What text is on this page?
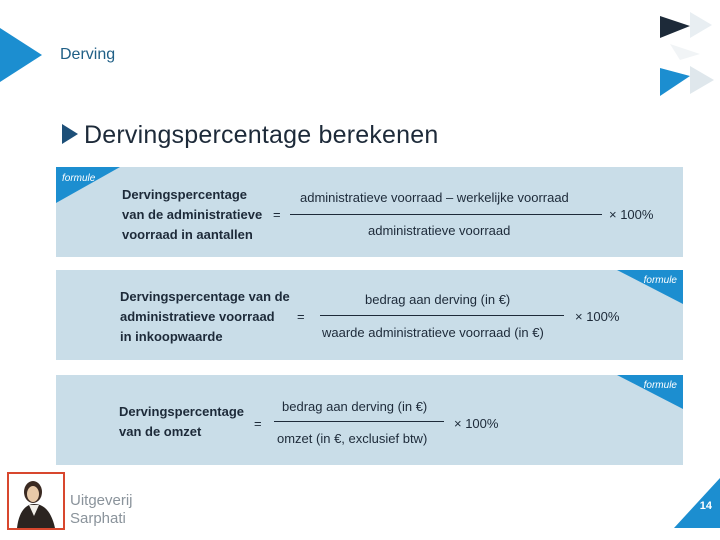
Derving
Dervingspercentage berekenen
formule
Dervingspercentage
van de administratieve
voorraad in aantallen
=
administratieve voorraad – werkelijke voorraad
administratieve voorraad
× 100%
formule
Dervingspercentage van de
administratieve voorraad
in inkoopwaarde
=
bedrag aan derving (in €)
waarde administratieve voorraad (in €)
× 100%
formule
Dervingspercentage
van de omzet
=
bedrag aan derving (in €)
omzet (in €, exclusief btw)
× 100%
Uitgeverij
Sarphati
14
